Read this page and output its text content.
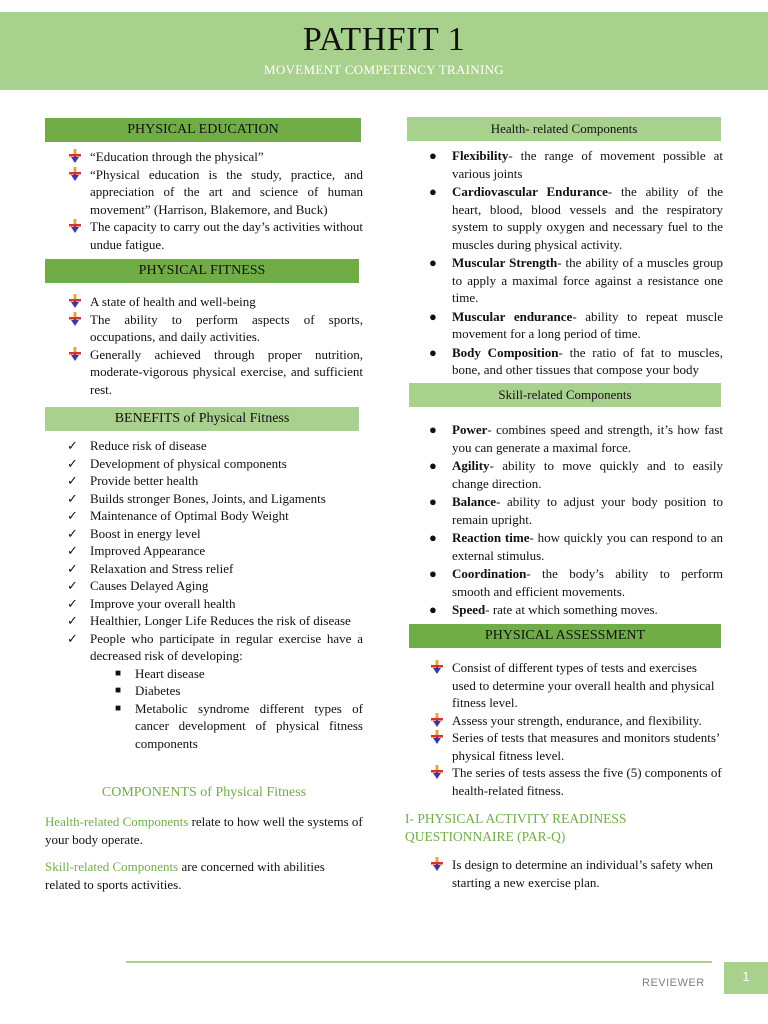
PATHFIT 1
MOVEMENT COMPETENCY TRAINING
PHYSICAL EDUCATION
“Education through the physical”
“Physical education is the study, practice, and appreciation of the art and science of human movement” (Harrison, Blakemore, and Buck)
The capacity to carry out the day’s activities without undue fatigue.
PHYSICAL FITNESS
A state of health and well-being
The ability to perform aspects of sports, occupations, and daily activities.
Generally achieved through proper nutrition, moderate-vigorous physical exercise, and sufficient rest.
BENEFITS of Physical Fitness
✓ Reduce risk of disease
✓ Development of physical components
✓ Provide better health
✓ Builds stronger Bones, Joints, and Ligaments
✓ Maintenance of Optimal Body Weight
✓ Boost in energy level
✓ Improved Appearance
✓ Relaxation and Stress relief
✓ Causes Delayed Aging
✓ Improve your overall health
✓ Healthier, Longer Life Reduces the risk of disease
✓ People who participate in regular exercise have a decreased risk of developing:
■ Heart disease
■ Diabetes
■ Metabolic syndrome different types of cancer development of physical fitness components
COMPONENTS of Physical Fitness
Health-related Components relate to how well the systems of your body operate.
Skill-related Components are concerned with abilities related to sports activities.
Health- related Components
● Flexibility- the range of movement possible at various joints
● Cardiovascular Endurance- the ability of the heart, blood, blood vessels and the respiratory system to supply oxygen and necessary fuel to the muscles during physical activity.
● Muscular Strength- the ability of a muscles group to apply a maximal force against a resistance one time.
● Muscular endurance- ability to repeat muscle movement for a long period of time.
● Body Composition- the ratio of fat to muscles, bone, and other tissues that compose your body
Skill-related Components
● Power- combines speed and strength, it’s how fast you can generate a maximal force.
● Agility- ability to move quickly and to easily change direction.
● Balance- ability to adjust your body position to remain upright.
● Reaction time- how quickly you can respond to an external stimulus.
● Coordination- the body’s ability to perform smooth and efficient movements.
● Speed- rate at which something moves.
PHYSICAL ASSESSMENT
Consist of different types of tests and exercises used to determine your overall health and physical fitness level.
Assess your strength, endurance, and flexibility.
Series of tests that measures and monitors students’ physical fitness level.
The series of tests assess the five (5) components of health-related fitness.
I- PHYSICAL ACTIVITY READINESS QUESTIONNAIRE (PAR-Q)
Is design to determine an individual’s safety when starting a new exercise plan.
REVIEWER	1
